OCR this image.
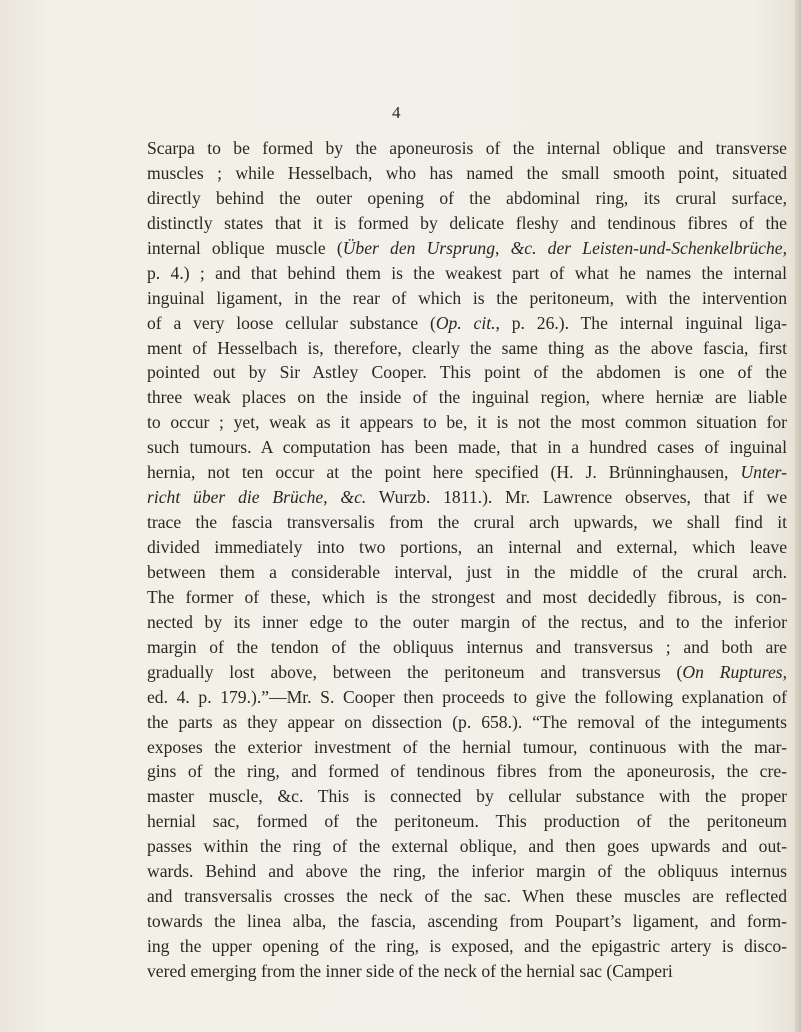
4
Scarpa to be formed by the aponeurosis of the internal oblique and transverse
muscles ; while Hesselbach, who has named the small smooth point, situated
directly behind the outer opening of the abdominal ring, its crural surface,
distinctly states that it is formed by delicate fleshy and tendinous fibres of the
internal oblique muscle (Über den Ursprung, &c. der Leisten-und-Schenkelbrüche,
p. 4.) ; and that behind them is the weakest part of what he names the internal
inguinal ligament, in the rear of which is the peritoneum, with the intervention
of a very loose cellular substance (Op. cit., p. 26.). The internal inguinal liga-
ment of Hesselbach is, therefore, clearly the same thing as the above fascia, first
pointed out by Sir Astley Cooper. This point of the abdomen is one of the
three weak places on the inside of the inguinal region, where herniæ are liable
to occur ; yet, weak as it appears to be, it is not the most common situation for
such tumours. A computation has been made, that in a hundred cases of inguinal
hernia, not ten occur at the point here specified (H. J. Brünninghausen, Unter-
richt über die Brüche, &c. Wurzb. 1811.). Mr. Lawrence observes, that if we
trace the fascia transversalis from the crural arch upwards, we shall find it
divided immediately into two portions, an internal and external, which leave
between them a considerable interval, just in the middle of the crural arch.
The former of these, which is the strongest and most decidedly fibrous, is con-
nected by its inner edge to the outer margin of the rectus, and to the inferior
margin of the tendon of the obliquus internus and transversus ; and both are
gradually lost above, between the peritoneum and transversus (On Ruptures,
ed. 4. p. 179.).”—Mr. S. Cooper then proceeds to give the following explanation of
the parts as they appear on dissection (p. 658.). “The removal of the integuments
exposes the exterior investment of the hernial tumour, continuous with the mar-
gins of the ring, and formed of tendinous fibres from the aponeurosis, the cre-
master muscle, &c. This is connected by cellular substance with the proper
hernial sac, formed of the peritoneum. This production of the peritoneum
passes within the ring of the external oblique, and then goes upwards and out-
wards. Behind and above the ring, the inferior margin of the obliquus internus
and transversalis crosses the neck of the sac. When these muscles are reflected
towards the linea alba, the fascia, ascending from Poupart’s ligament, and form-
ing the upper opening of the ring, is exposed, and the epigastric artery is disco-
vered emerging from the inner side of the neck of the hernial sac (Camperi
